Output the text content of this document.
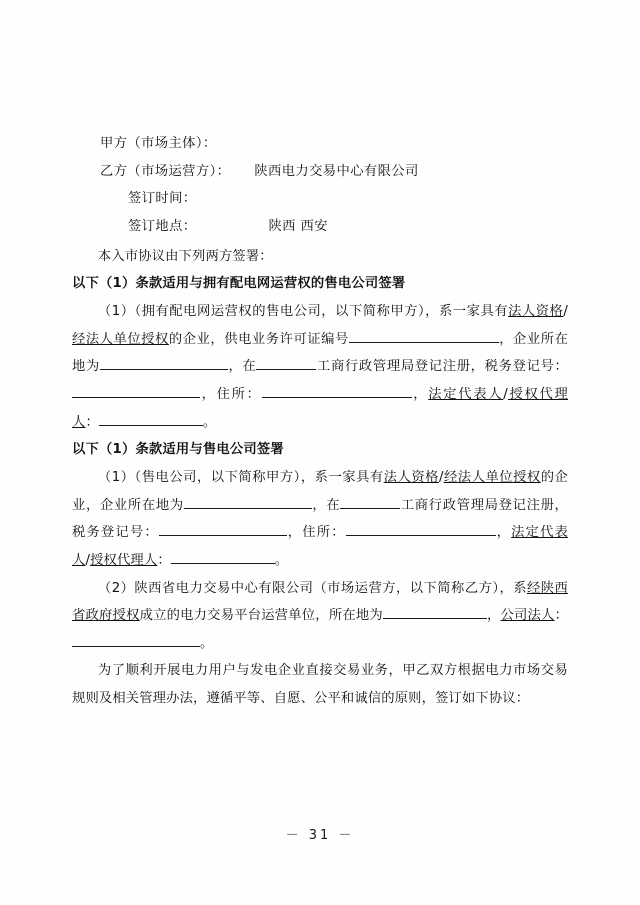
甲方（市场主体）：
乙方（市场运营方）： 陕西电力交易中心有限公司
签订时间：
签订地点：	陕西 西安

本入市协议由下列两方签署：

以下（1）条款适用与拥有配电网运营权的售电公司签署

（1）（拥有配电网运营权的售电公司，以下简称甲方），系一家具有法人资格/经法人单位授权的企业，供电业务许可证编号	，企业所在地为	，在	工商行政管理局登记注册，税务登记号：，住所：	，法定代表人/授权代理人：	。

以下（1）条款适用与售电公司签署

（1）（售电公司，以下简称甲方），系一家具有法人资格/经法人单位授权的企业，企业所在地为	，在	工商行政管理局登记注册，税务登记号：	，住所：	，法定代表人/授权代理人：	。

（2）陕西省电力交易中心有限公司（市场运营方，以下简称乙方），系经陕西省政府授权成立的电力交易平台运营单位，所在地为	，公司法人：。

为了顺利开展电力用户与发电企业直接交易业务，甲乙双方根据电力市场交易规则及相关管理办法，遵循平等、自愿、公平和诚信的原则，签订如下协议：

－ 31 －
